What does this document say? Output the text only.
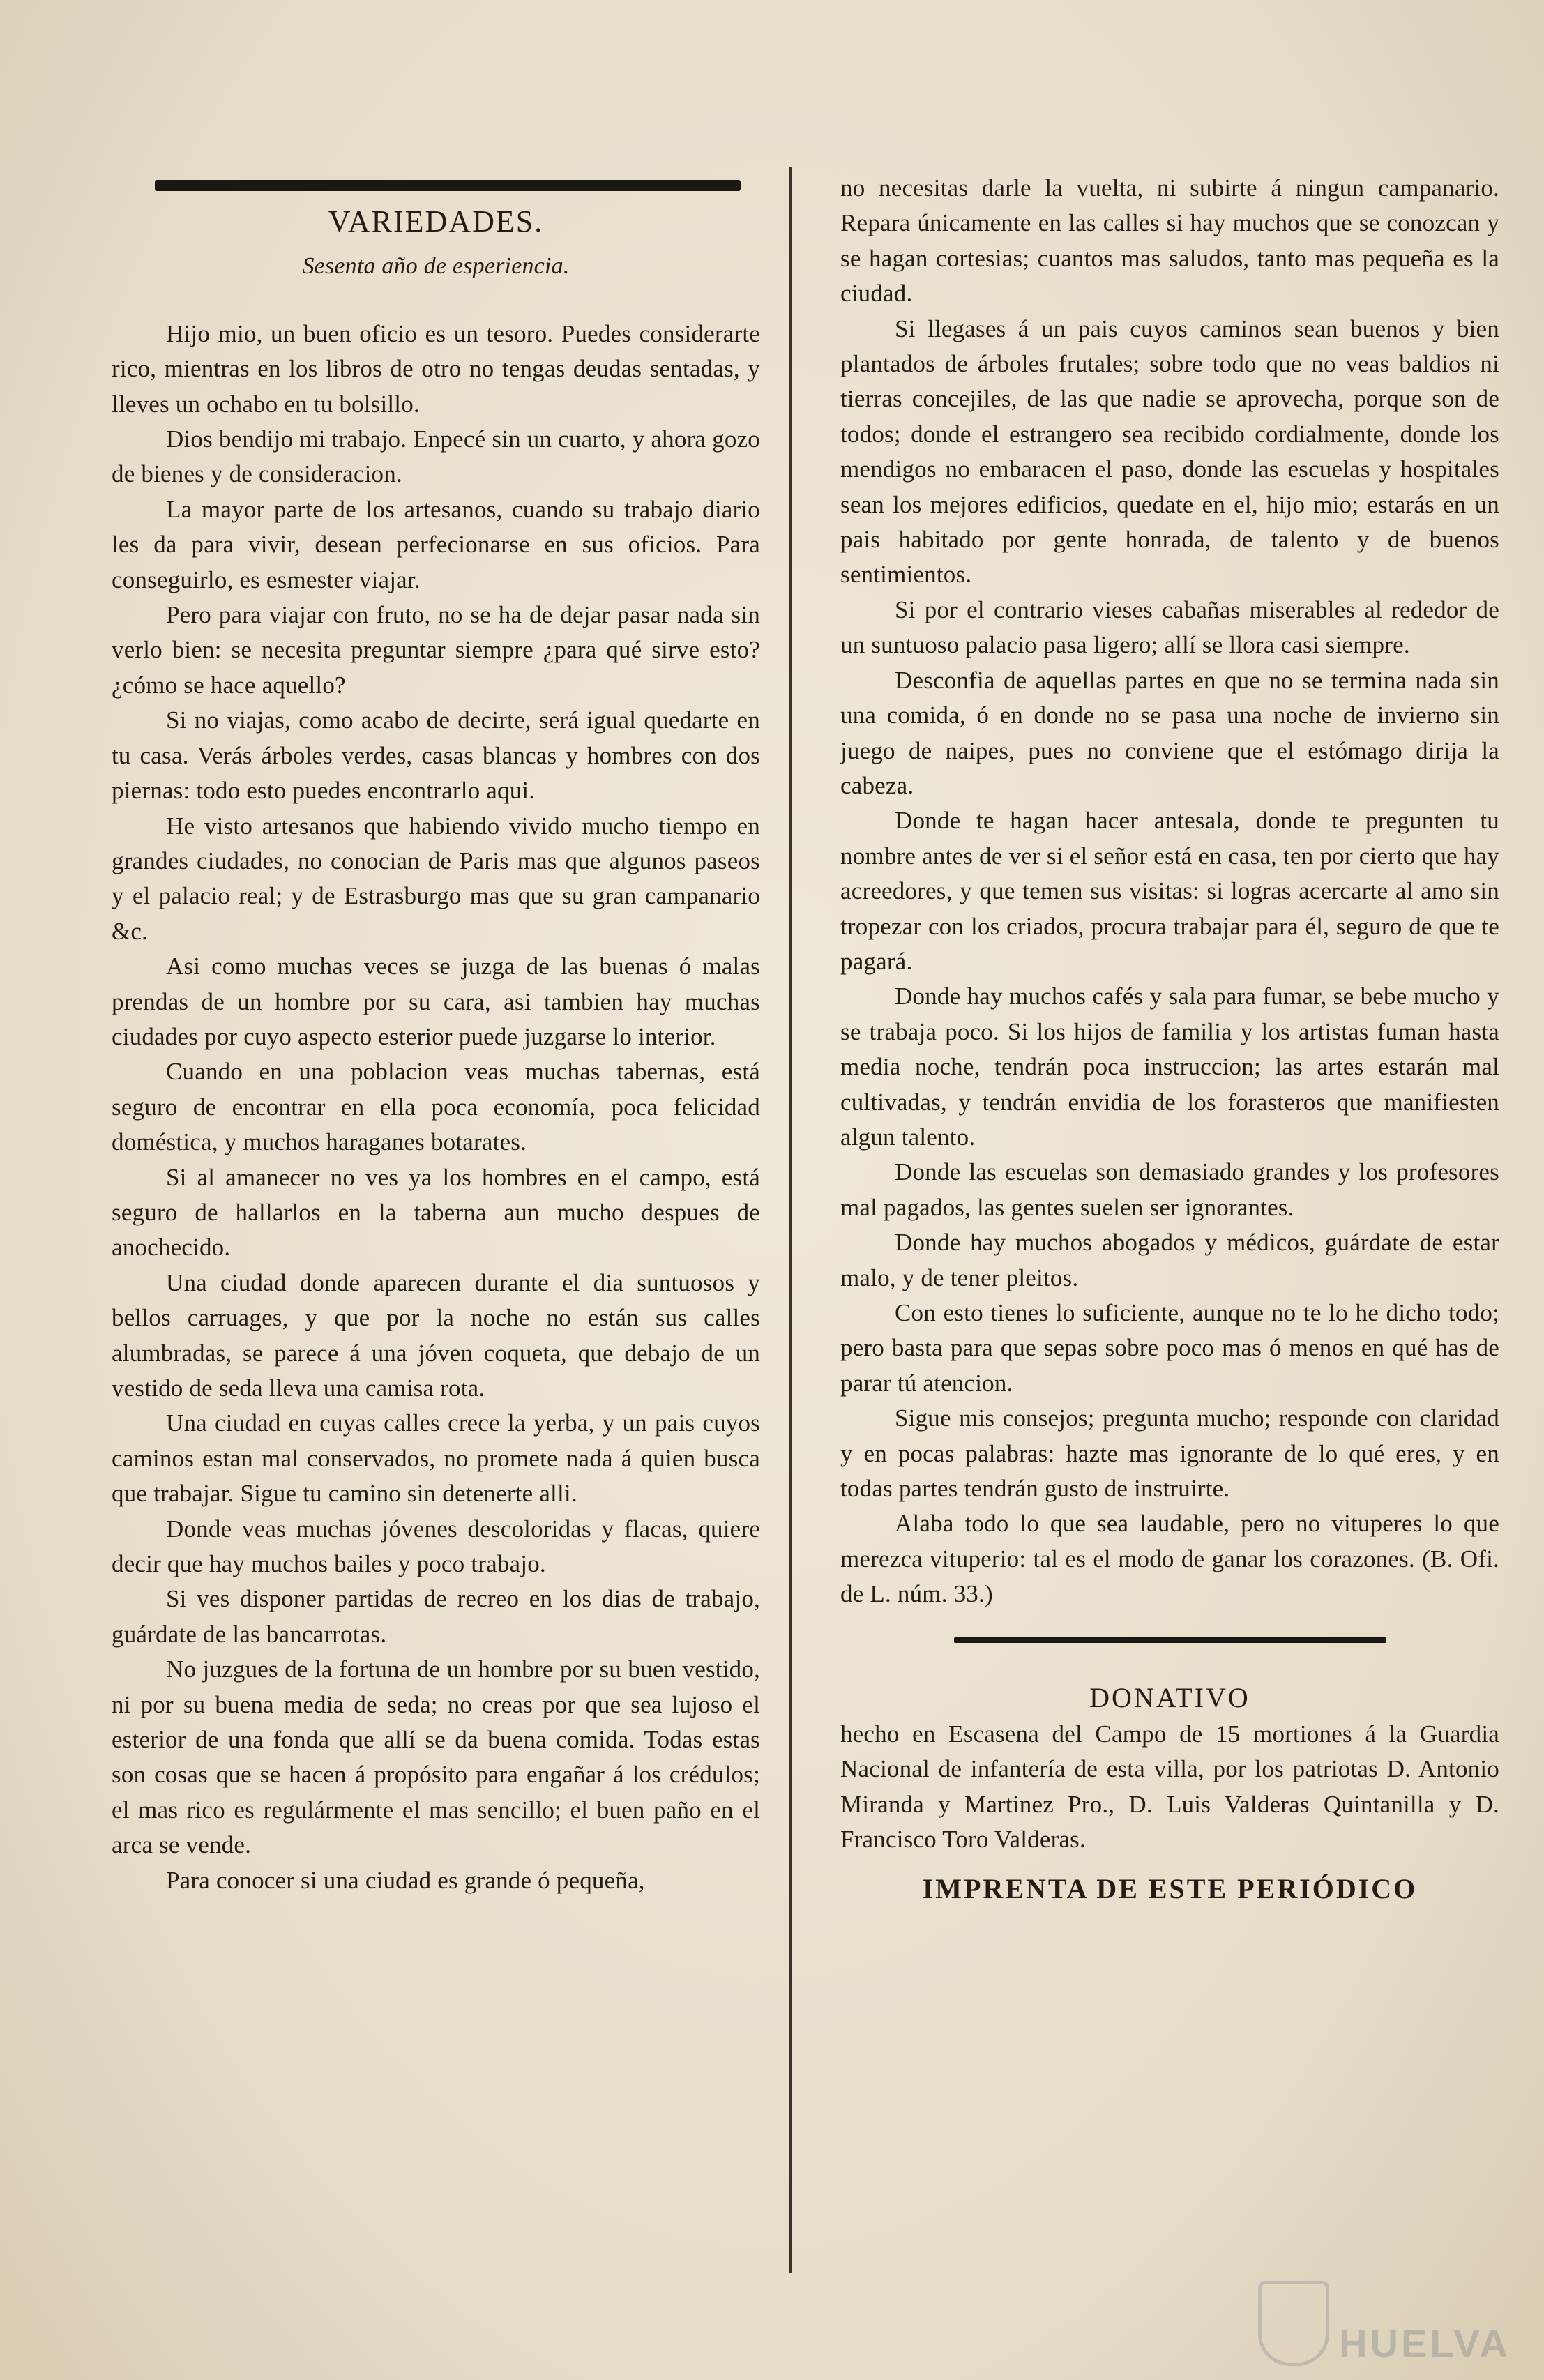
VARIEDADES.
Sesenta año de esperiencia.

Hijo mio, un buen oficio es un tesoro. Puedes considerarte rico, mientras en los libros de otro no tengas deudas sentadas, y lleves un ochabo en tu bolsillo.

Dios bendijo mi trabajo. Enpecé sin un cuarto, y ahora gozo de bienes y de consideracion.

La mayor parte de los artesanos, cuando su trabajo diario les da para vivir, desean perfecionarse en sus oficios. Para conseguirlo, es esmester viajar.

Pero para viajar con fruto, no se ha de dejar pasar nada sin verlo bien: se necesita preguntar siempre ¿para qué sirve esto? ¿cómo se hace aquello?

Si no viajas, como acabo de decirte, será igual quedarte en tu casa. Verás árboles verdes, casas blancas y hombres con dos piernas: todo esto puedes encontrarlo aqui.

He visto artesanos que habiendo vivido mucho tiempo en grandes ciudades, no conocian de Paris mas que algunos paseos y el palacio real; y de Estrasburgo mas que su gran campanario &c.

Asi como muchas veces se juzga de las buenas ó malas prendas de un hombre por su cara, asi tambien hay muchas ciudades por cuyo aspecto esterior puede juzgarse lo interior.

Cuando en una poblacion veas muchas tabernas, está seguro de encontrar en ella poca economía, poca felicidad doméstica, y muchos haraganes botarates.

Si al amanecer no ves ya los hombres en el campo, está seguro de hallarlos en la taberna aun mucho despues de anochecido.

Una ciudad donde aparecen durante el dia suntuosos y bellos carruages, y que por la noche no están sus calles alumbradas, se parece á una jóven coqueta, que debajo de un vestido de seda lleva una camisa rota.

Una ciudad en cuyas calles crece la yerba, y un pais cuyos caminos estan mal conservados, no promete nada á quien busca que trabajar. Sigue tu camino sin detenerte alli.

Donde veas muchas jóvenes descoloridas y flacas, quiere decir que hay muchos bailes y poco trabajo.

Si ves disponer partidas de recreo en los dias de trabajo, guárdate de las bancarrotas.

No juzgues de la fortuna de un hombre por su buen vestido, ni por su buena media de seda; no creas por que sea lujoso el esterior de una fonda que allí se da buena comida. Todas estas son cosas que se hacen á propósito para engañar á los crédulos; el mas rico es regulármente el mas sencillo; el buen paño en el arca se vende.

Para conocer si una ciudad es grande ó pequeña,

no necesitas darle la vuelta, ni subirte á ningun campanario. Repara únicamente en las calles si hay muchos que se conozcan y se hagan cortesias; cuantos mas saludos, tanto mas pequeña es la ciudad.

Si llegases á un pais cuyos caminos sean buenos y bien plantados de árboles frutales; sobre todo que no veas baldios ni tierras concejiles, de las que nadie se aprovecha, porque son de todos; donde el estrangero sea recibido cordialmente, donde los mendigos no embaracen el paso, donde las escuelas y hospitales sean los mejores edificios, quedate en el, hijo mio; estarás en un pais habitado por gente honrada, de talento y de buenos sentimientos.

Si por el contrario vieses cabañas miserables al rededor de un suntuoso palacio pasa ligero; allí se llora casi siempre.

Desconfia de aquellas partes en que no se termina nada sin una comida, ó en donde no se pasa una noche de invierno sin juego de naipes, pues no conviene que el estómago dirija la cabeza.

Donde te hagan hacer antesala, donde te pregunten tu nombre antes de ver si el señor está en casa, ten por cierto que hay acreedores, y que temen sus visitas: si logras acercarte al amo sin tropezar con los criados, procura trabajar para él, seguro de que te pagará.

Donde hay muchos cafés y sala para fumar, se bebe mucho y se trabaja poco. Si los hijos de familia y los artistas fuman hasta media noche, tendrán poca instruccion; las artes estarán mal cultivadas, y tendrán envidia de los forasteros que manifiesten algun talento.

Donde las escuelas son demasiado grandes y los profesores mal pagados, las gentes suelen ser ignorantes.

Donde hay muchos abogados y médicos, guárdate de estar malo, y de tener pleitos.

Con esto tienes lo suficiente, aunque no te lo he dicho todo; pero basta para que sepas sobre poco mas ó menos en qué has de parar tú atencion.

Sigue mis consejos; pregunta mucho; responde con claridad y en pocas palabras: hazte mas ignorante de lo qué eres, y en todas partes tendrán gusto de instruirte.

Alaba todo lo que sea laudable, pero no vituperes lo que merezca vituperio: tal es el modo de ganar los corazones. (B. Ofi. de L. núm. 33.)

DONATIVO

hecho en Escasena del Campo de 15 mortiones á la Guardia Nacional de infantería de esta villa, por los patriotas D. Antonio Miranda y Martinez Pro., D. Luis Valderas Quintanilla y D. Francisco Toro Valderas.

IMPRENTA DE ESTE PERIÓDICO
HUELVA
